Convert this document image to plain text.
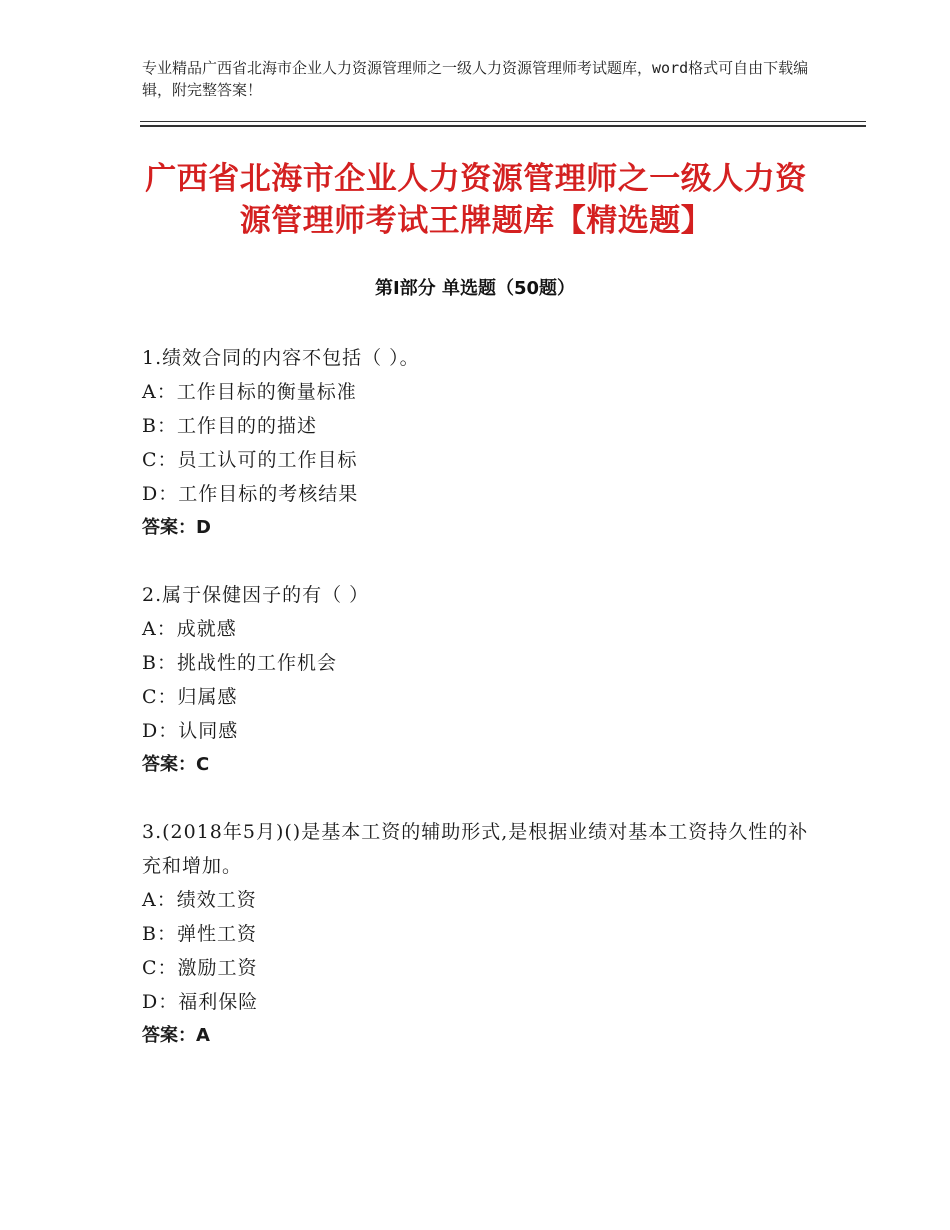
专业精品广西省北海市企业人力资源管理师之一级人力资源管理师考试题库，word格式可自由下载编辑，附完整答案！
广西省北海市企业人力资源管理师之一级人力资源管理师考试王牌题库【精选题】
第Ⅰ部分 单选题（50题）
1.绩效合同的内容不包括（ ）。
A：工作目标的衡量标准
B：工作目的的描述
C：员工认可的工作目标
D：工作目标的考核结果
答案：D
2.属于保健因子的有（ ）
A：成就感
B：挑战性的工作机会
C：归属感
D：认同感
答案：C
3.(2018年5月)()是基本工资的辅助形式,是根据业绩对基本工资持久性的补充和增加。
A：绩效工资
B：弹性工资
C：激励工资
D：福利保险
答案：A
